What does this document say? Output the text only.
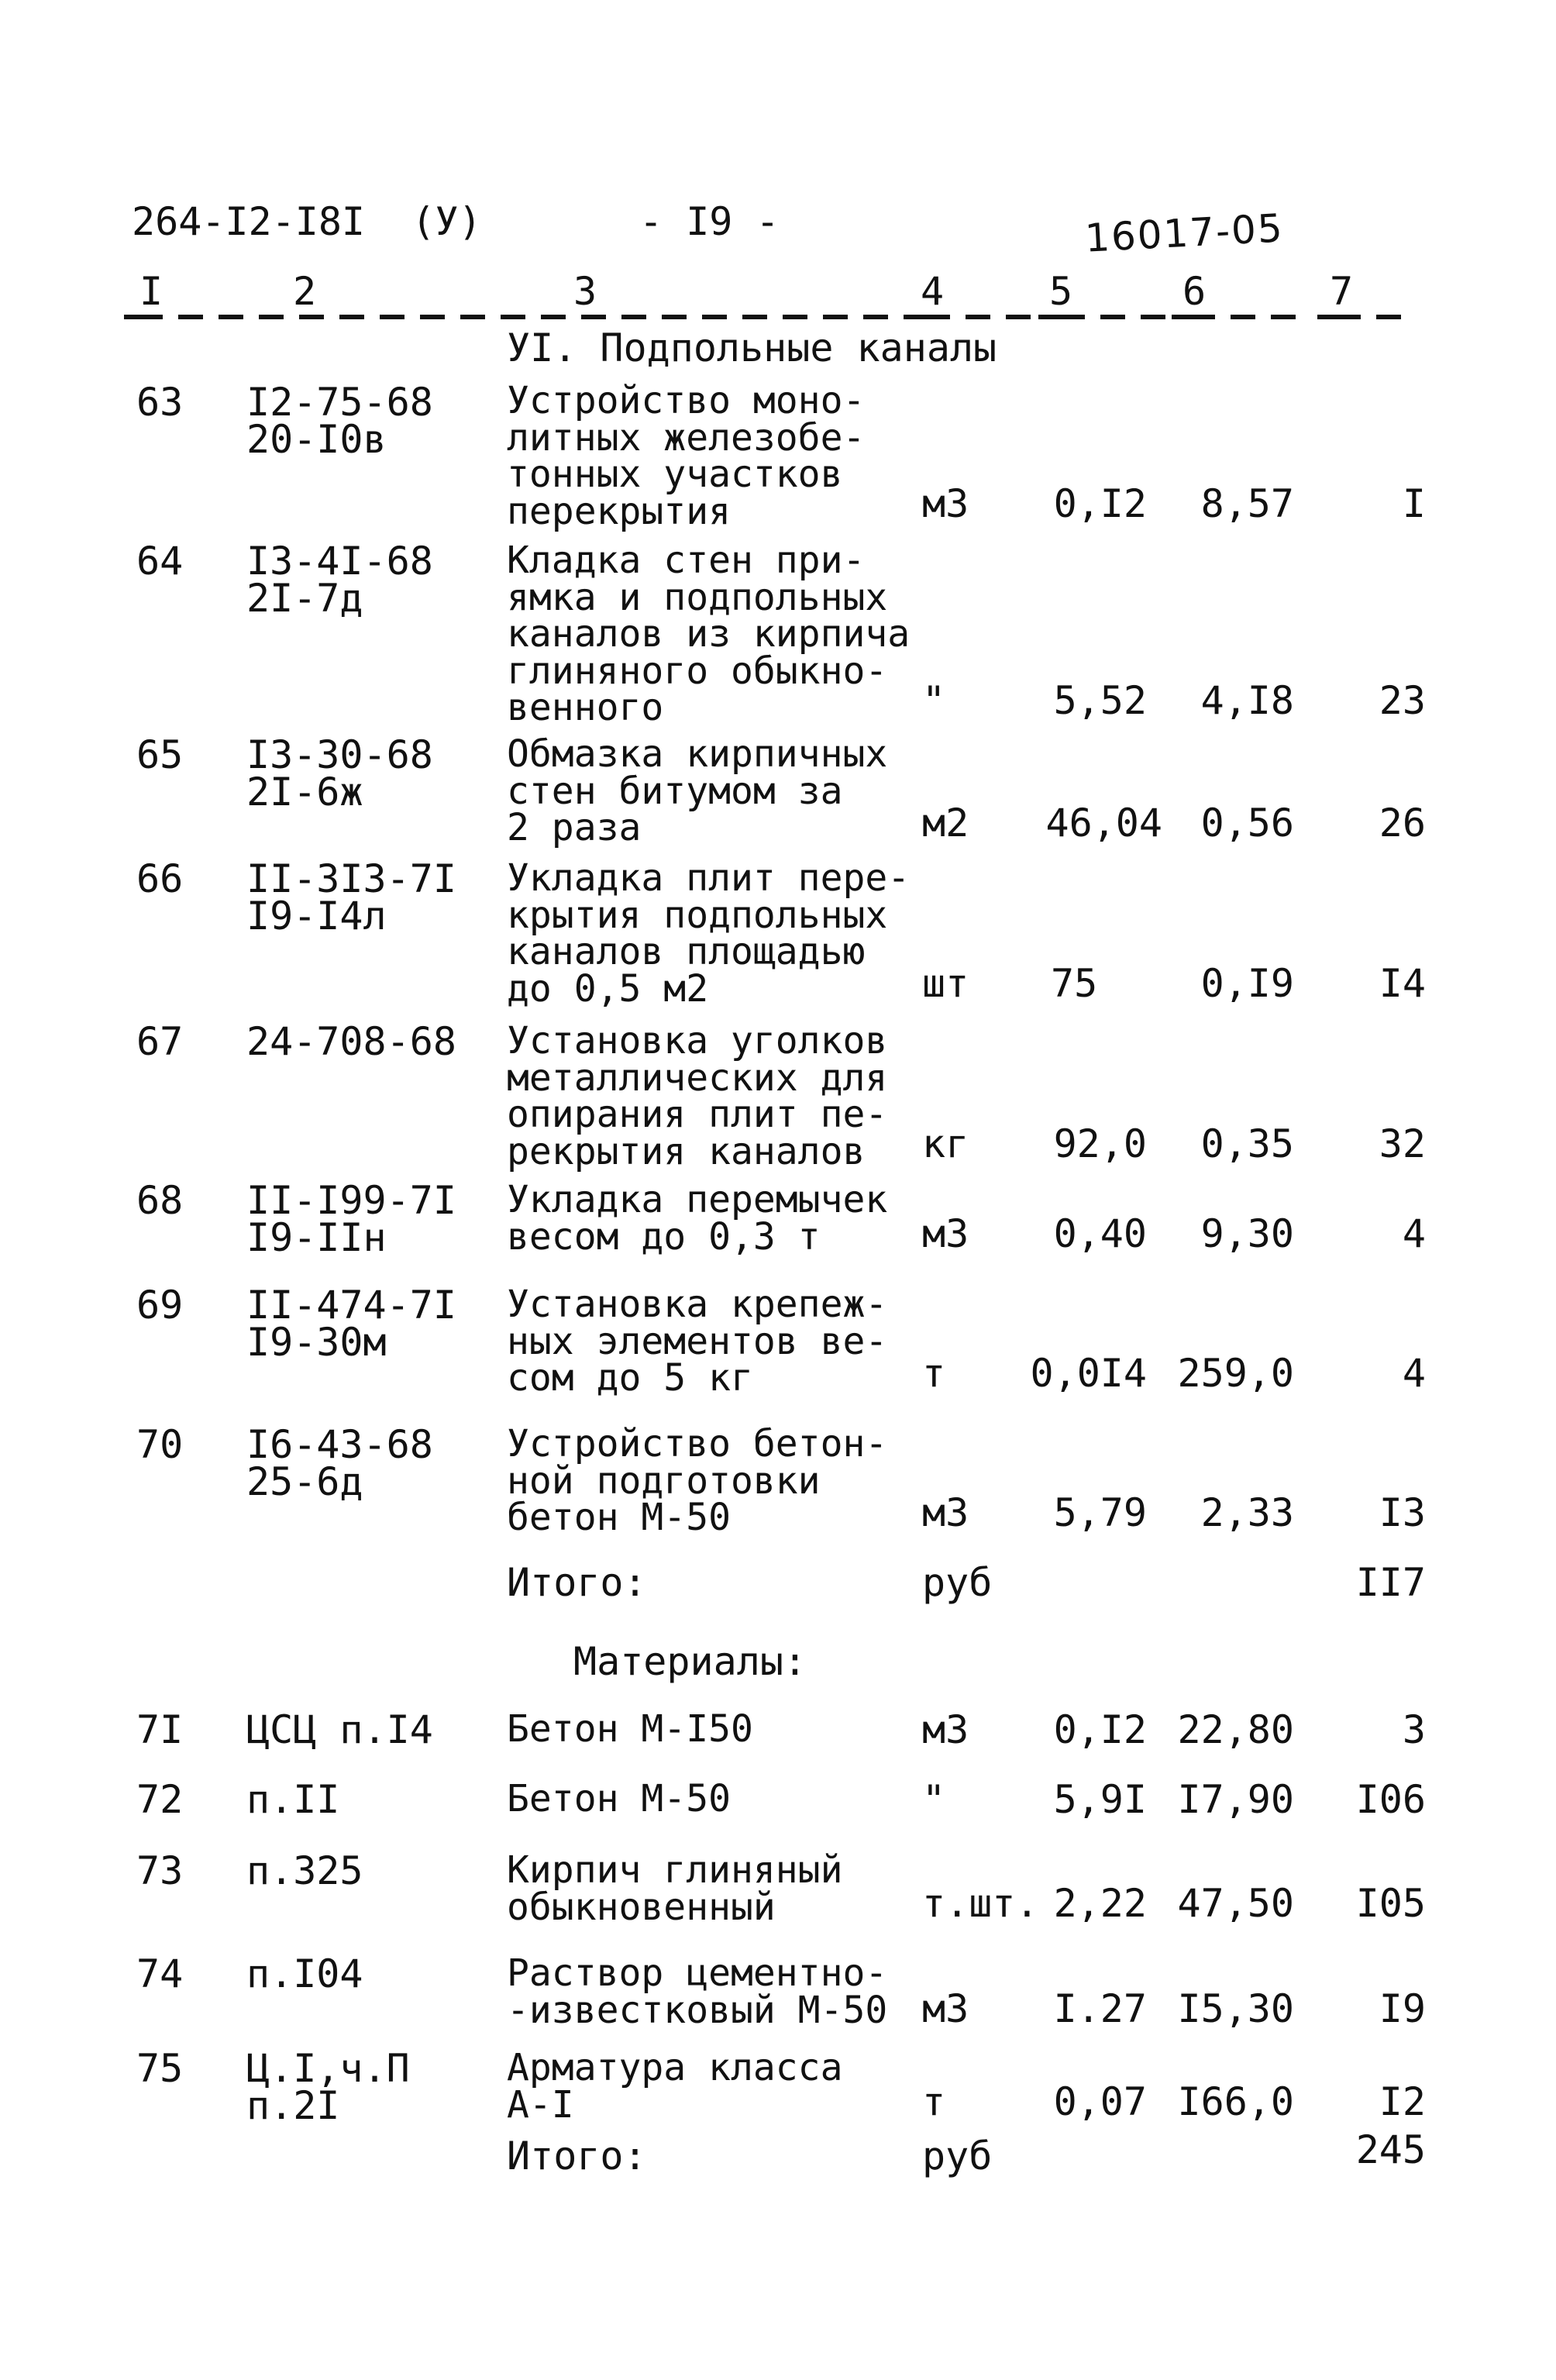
264-I2-I8I (У)	- I9 -	16017-05
I	2	3	4	5	6	7
УI. Подпольные каналы
63 I2-75-68
20-I0в
Устройство моно-
литных железобе-
тонных участков
перекрытия	м3	0,I2	8,57	I
64 I3-4I-68
2I-7д
Кладка стен при-
ямка и подпольных
каналов из кирпича
глиняного обыкно-
венного	"	5,52	4,I8	23
65 I3-30-68
2I-6ж
Обмазка кирпичных
стен битумом за
2 раза	м2	46,04 0,56	26
66 II-3I3-7I
I9-I4л
Укладка плит пере-
крытия подпольных
каналов площадью
до 0,5 м2	шт 75	0,I9	I4
67 24-708-68 Установка уголков
металлических для
опирания плит пе-
рекрытия каналов	кг	92,0	0,35	32
68 II-I99-7I
I9-IIн
Укладка перемычек
весом до 0,3 т	м3	0,40	9,30	4
69 II-474-7I
I9-30м
Установка крепеж-
ных элементов ве-
сом до 5 кг	т	0,0I4 259,0	4
70 I6-43-68
25-6д
Устройство бетон-
ной подготовки
бетон М-50	м3	5,79	2,33	I3
Итого:	руб	II7
Материалы:
7I ЦСЦ п.I4 Бетон М-I50	м3	0,I2 22,80	3
72 п.II	Бетон М-50	"	5,9I I7,90	I06
73 п.325	Кирпич глиняный
обыкновенный	т.шт. 2,22 47,50	I05
74 п.I04	Раствор цементно-
-известковый М-50 м3	I.27 I5,30	I9
75 Ц.I,ч.П
п.2I
Арматура класса
А-I	т	0,07 I66,0	I2
Итого:	руб	245
